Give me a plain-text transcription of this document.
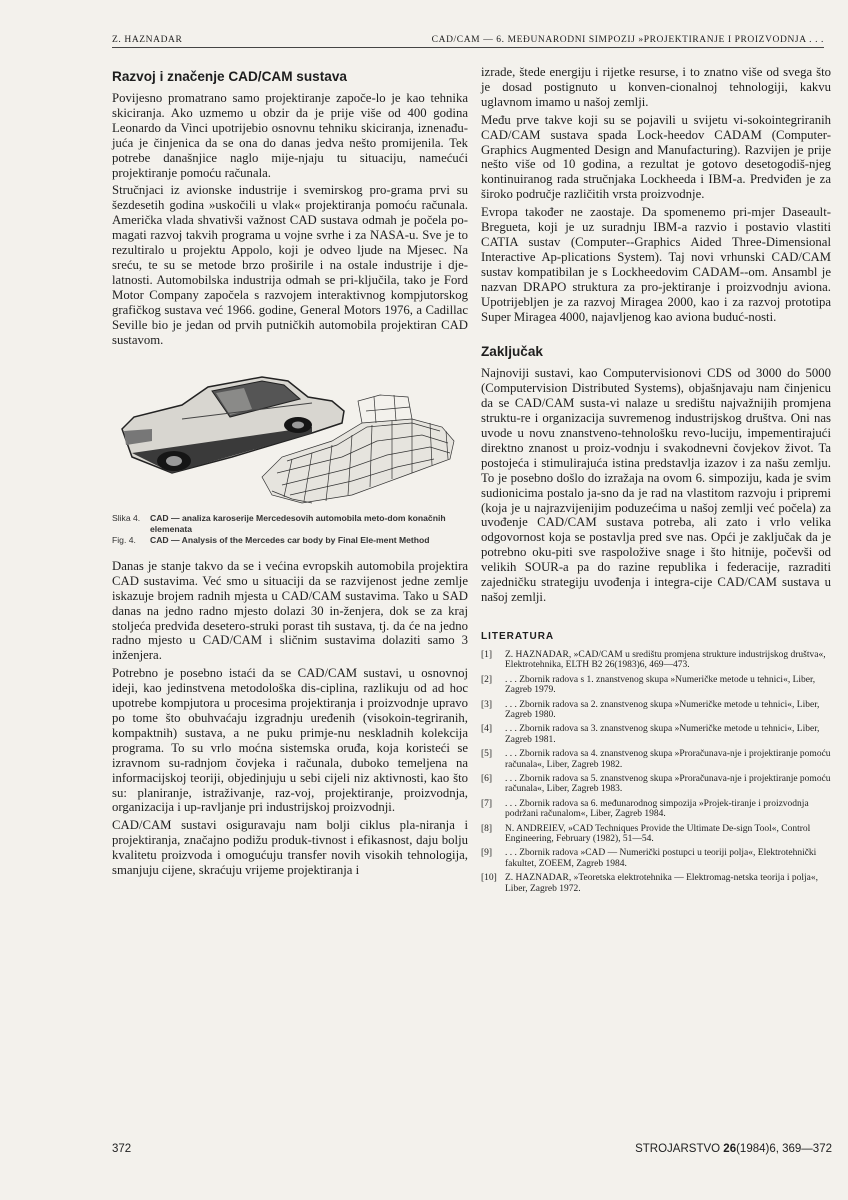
Z. HAZNADAR	CAD/CAM — 6. MEĐUNARODNI SIMPOZIJ »PROJEKTIRANJE I PROIZVODNJA . . .
Razvoj i značenje CAD/CAM sustava

Povijesno promatrano samo projektiranje započe-lo je kao tehnika skiciranja. Ako uzmemo u obzir da je prije više od 400 godina Leonardo da Vinci upotrijebio osnovnu tehniku skiciranja, iznenađu-juća je činjenica da se ona do danas jedva nešto promijenila. Tek potrebe današnjice naglo mije-njaju tu situaciju, namećući projektiranje pomoću računala.

Stručnjaci iz avionske industrije i svemirskog pro-grama prvi su šezdesetih godina »uskočili u vlak« projektiranja pomoću računala. Američka vlada shvativši važnost CAD sustava odmah je počela po-magati razvoj takvih programa u vojne svrhe i za NASA-u. Sve je to rezultiralo u projektu Appolo, koji je odveo ljude na Mjesec. Na sreću, te su se metode brzo proširile i na ostale industrije i dje-latnosti. Automobilska industrija odmah se pri-ključila, tako je Ford Motor Company započela s razvojem interaktivnog kompjutorskog grafičkog sustava već 1966. godine, General Motors 1976, a Cadillac Seville bio je jedan od prvih putničkih automobila projektiran CAD sustavom.

Slika 4.	CAD — analiza karoserije Mercedesovih automobila meto-dom konačnih elemenata
Fig. 4.	CAD — Analysis of the Mercedes car body by Final Ele-ment Method

Danas je stanje takvo da se i većina evropskih automobila projektira CAD sustavima. Već smo u situaciji da se razvijenost jedne zemlje iskazuje brojem radnih mjesta u CAD/CAM sustavima. Tako u SAD danas na jedno radno mjesto dolazi 30 in-ženjera, dok se za kraj stoljeća predviđa desetero-struki porast tih sustava, tj. da će na jedno radno mjesto u CAD/CAM i sličnim sustavima dolaziti samo 3 inženjera.

Potrebno je posebno istaći da se CAD/CAM sustavi, u osnovnoj ideji, kao jedinstvena metodološka dis-ciplina, razlikuju od ad hoc upotrebe kompjutora u procesima projektiranja i proizvodnje upravo po tome što obuhvaćaju izgradnju uređenih (visokoin-tegriranih, kompaktnih) sustava, a ne puku primje-nu neskladnih kolekcija programa. To su vrlo moćna sistemska oruđa, koja koristeći se izravnom su-radnjom čovjeka i računala, duboko temeljena na informacijskoj teoriji, objedinjuju u sebi cijeli niz aktivnosti, kao što su: planiranje, istraživanje, raz-voj, projektiranje, proizvodnja, organizacija i up-ravljanje pri industrijskoj proizvodnji.

CAD/CAM sustavi osiguravaju nam bolji ciklus pla-niranja i projektiranja, značajno podižu produk-tivnost i efikasnost, daju bolju kvalitetu proizvoda i omogućuju transfer novih visokih tehnologija, smanjuju cijene, skraćuju vrijeme projektiranja i

izrade, štede energiju i rijetke resurse, i to znatno više od svega što je dosad postignuto u konven-cionalnoj tehnologiji, kakvu uglavnom imamo u našoj zemlji.

Među prve takve koji su se pojavili u svijetu vi-sokointegriranih CAD/CAM sustava spada Lock-heedov CADAM (Computer-Graphics Augmented Design and Manufacturing). Razvijen je prije nešto više od 10 godina, a rezultat je gotovo desetogodiš-njeg kontinuiranog rada stručnjaka Lockheeda i IBM-a. Predviđen je za široko područje različitih vrsta proizvodnje.

Evropa također ne zaostaje. Da spomenemo pri-mjer Daseault-Bregueta, koji je uz suradnju IBM-a razvio i postavio vlastiti CATIA sustav (Computer--Graphics Aided Three-Dimensional Interactive Ap-plications System). Taj novi vrhunski CAD/CAM sustav kompatibilan je s Lockheedovim CADAM--om. Ansambl je nazvan DRAPO struktura za pro-jektiranje i proizvodnju aviona. Upotrijebljen je za razvoj Miragea 2000, kao i za razvoj prototipa Super Miragea 4000, najavljenog kao aviona buduć-nosti.

Zaključak

Najnoviji sustavi, kao Computervisionovi CDS od 3000 do 5000 (Computervision Distributed Systems), objašnjavaju nam činjenicu da se CAD/CAM susta-vi nalaze u središtu najvažnijih promjena struktu-re i organizacija suvremenog industrijskog društva. Oni nas uvode u novu znanstveno-tehnološku revo-luciju, impementirajući direktno znanost u proiz-vodnju i svakodnevni čovjekov život. Ta postojeća i stimulirajuća istina predstavlja izazov i za našu zemlju. To je posebno došlo do izražaja na ovom 6. simpoziju, kada je svim sudionicima postalo ja-sno da je rad na vlastitom razvoju i pripremi (koja je u najrazvijenijim poduzećima u našoj zemlji već počela) za uvođenje CAD/CAM sustava potreba, ali zato i vrlo velika odgovornost koja se postavlja pred sve nas. Opći je zaključak da je potrebno oku-piti sve raspoložive snage i što hitnije, počevši od velikih SOUR-a pa do razine republika i federacije, razraditi zajedničku strategiju uvođenja i integra-cije CAD/CAM sustava u našoj zemlji.

LITERATURA
[1]	Z. HAZNADAR, »CAD/CAM u središtu promjena strukture industrijskog društva«, Elektrotehnika, ELTH B2 26(1983)6, 469—473.
[2]	. . . Zbornik radova s 1. znanstvenog skupa »Numeričke metode u tehnici«, Liber, Zagreb 1979.
[3]	. . . Zbornik radova sa 2. znanstvenog skupa »Numeričke metode u tehnici«, Liber, Zagreb 1980.
[4]	. . . Zbornik radova sa 3. znanstvenog skupa »Numeričke metode u tehnici«, Liber, Zagreb 1981.
[5]	. . . Zbornik radova sa 4. znanstvenog skupa »Proračunava-nje i projektiranje pomoću računala«, Liber, Zagreb 1982.
[6]	. . . Zbornik radova sa 5. znanstvenog skupa »Proračunava-nje i projektiranje pomoću računala«, Liber, Zagreb 1983.
[7]	. . . Zbornik radova sa 6. međunarodnog simpozija »Projek-tiranje i proizvodnja podržani računalom«, Liber, Zagreb 1984.
[8]	N. ANDREIEV, »CAD Techniques Provide the Ultimate De-sign Tool«, Control Engineering, February (1982), 51—54.
[9]	. . . Zbornik radova »CAD — Numerički postupci u teoriji polja«, Elektrotehnički fakultet, ZOEEM, Zagreb 1984.
[10] Z. HAZNADAR, »Teoretska elektrotehnika — Elektromag-netska teorija i polja«, Liber, Zagreb 1972.
372	STROJARSTVO 26(1984)6, 369—372
